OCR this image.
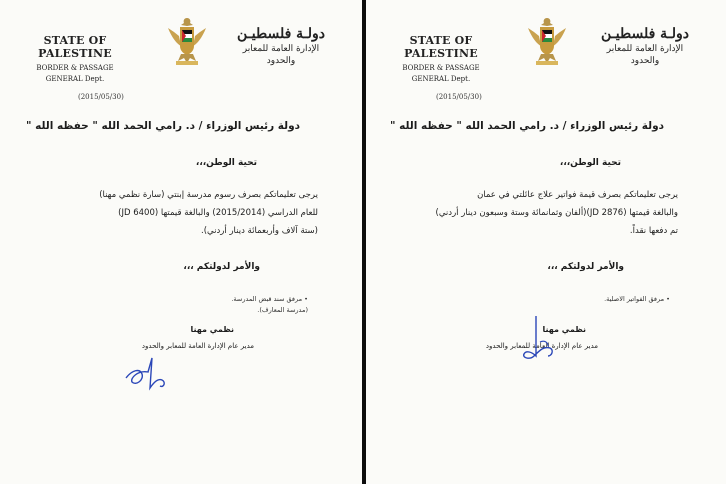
STATE OF PALESTINE
BORDER & PASSAGE
GENERAL Dept.
دولـة فلسطيـن
الإدارة العامة للمعابر
والحدود
(2015/05/30)
دولة رئيس الوزراء / د. رامي الحمد الله " حفظه الله "
تحية الوطن،،،
يرجى تعليماتكم بصرف رسوم مدرسة إبنتي (سارة نظمي مهنا)
للعام الدراسي (2015/2014) والبالغة قيمتها (JD 6400)
(ستة آلاف وأربعمائة دينار أردني).
والأمر لدولتكم ،،،
• مرفق سند قبض المدرسة.
(مدرسة المعارف).
نظمي مهنا
مدير عام الإدارة العامة للمعابر والحدود
STATE OF PALESTINE
BORDER & PASSAGE
GENERAL Dept.
دولـة فلسطيـن
الإدارة العامة للمعابر
والحدود
(2015/05/30)
دولة رئيس الوزراء / د. رامي الحمد الله " حفظه الله "
تحية الوطن،،،
يرجى تعليماتكم بصرف قيمة فواتير علاج عائلتي في عمان
والبالغة قيمتها (JD 2876)(ألفان وثمانمائة وستة وسبعون دينار أردني)
تم دفعها نقداً.
والأمر لدولتكم ،،،
• مرفق الفواتير الاصلية.
نظمي مهنا
مدير عام الإدارة العامة للمعابر والحدود
